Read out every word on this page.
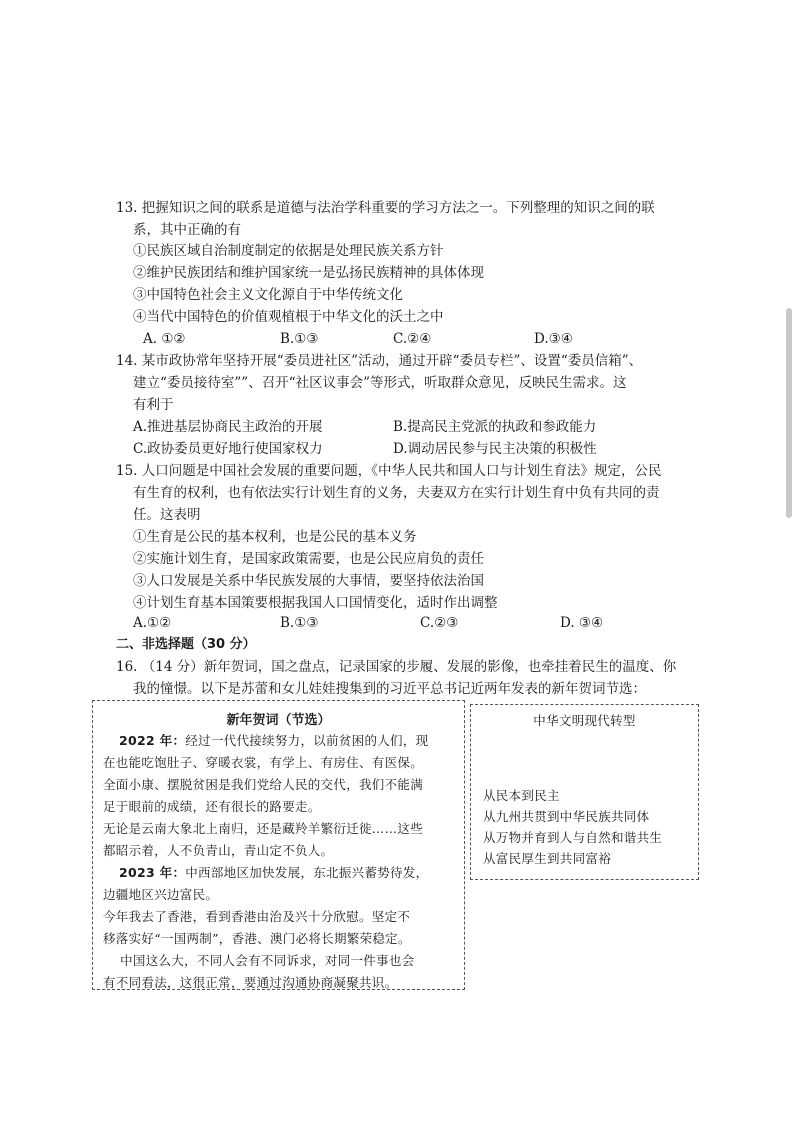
13. 把握知识之间的联系是道德与法治学科重要的学习方法之一。下列整理的知识之间的联
系，其中正确的有
①民族区域自治制度制定的依据是处理民族关系方针
②维护民族团结和维护国家统一是弘扬民族精神的具体体现
③中国特色社会主义文化源自于中华传统文化
④当代中国特色的价值观植根于中华文化的沃土之中
A. ①②	B.①③	C.②④	D.③④
14. 某市政协常年坚持开展“委员进社区”活动，通过开辟“委员专栏”、设置“委员信箱”、
建立“委员接待室””、召开“社区议事会”等形式，听取群众意见，反映民生需求。这
有利于
A.推进基层协商民主政治的开展	B.提高民主党派的执政和参政能力
C.政协委员更好地行使国家权力	D.调动居民参与民主决策的积极性
15. 人口问题是中国社会发展的重要问题，《中华人民共和国人口与计划生育法》规定，公民
有生育的权利，也有依法实行计划生育的义务，夫妻双方在实行计划生育中负有共同的责
任。这表明
①生育是公民的基本权利，也是公民的基本义务
②实施计划生育，是国家政策需要，也是公民应肩负的责任
③人口发展是关系中华民族发展的大事情，要坚持依法治国
④计划生育基本国策要根据我国人口国情变化，适时作出调整
A.①②	B.①③	C.②③	D. ③④
二、非选择题（30 分）
16. （14 分）新年贺词，国之盘点，记录国家的步履、发展的影像，也牵挂着民生的温度、你
我的憧憬。以下是苏蕾和女儿娃娃搜集到的习近平总书记近两年发表的新年贺词节选：
新年贺词（节选）
2022 年：经过一代代接续努力，以前贫困的人们，现
在也能吃饱肚子、穿暖衣裳，有学上、有房住、有医保。
全面小康、摆脱贫困是我们党给人民的交代，我们不能满
足于眼前的成绩，还有很长的路要走。
无论是云南大象北上南归，还是藏羚羊繁衍迁徙……这些
都昭示着，人不负青山，青山定不负人。
2023 年：中西部地区加快发展，东北振兴蓄势待发，
边疆地区兴边富民。
今年我去了香港，看到香港由治及兴十分欣慰。坚定不
移落实好“一国两制”，香港、澳门必将长期繁荣稳定。
中国这么大，不同人会有不同诉求，对同一件事也会
有不同看法，这很正常，要通过沟通协商凝聚共识。
中华文明现代转型
从民本到民主
从九州共贯到中华民族共同体
从万物并育到人与自然和谐共生
从富民厚生到共同富裕
